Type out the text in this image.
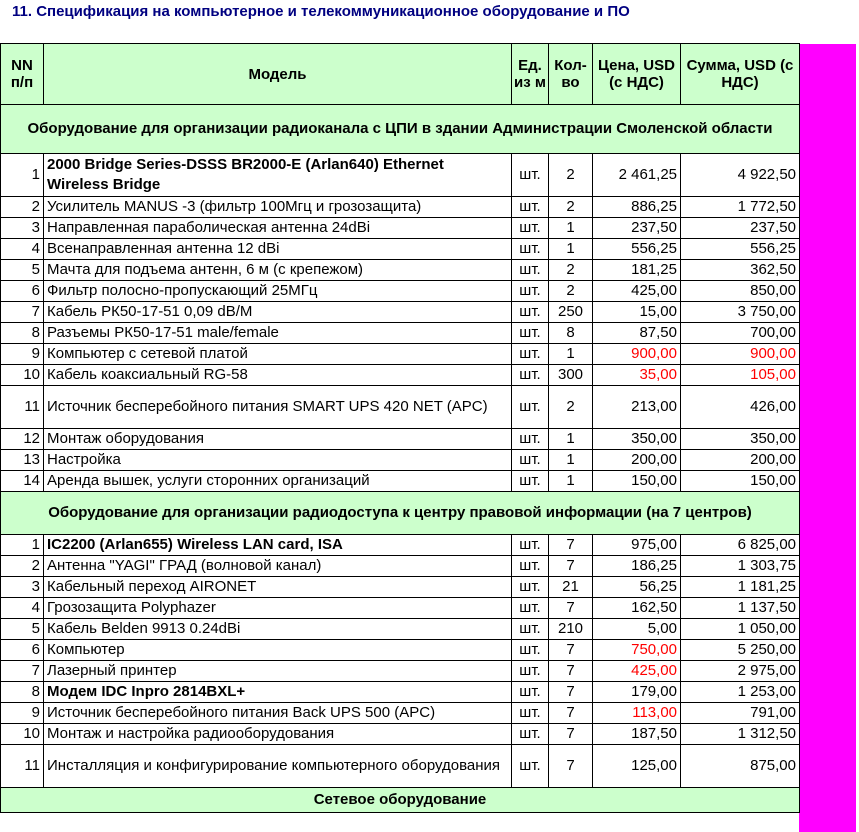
11. Спецификация на компьютерное и телекоммуникационное оборудование и ПО
NN п/п	Модель	Ед. из м	Кол-во	Цена, USD (с НДС)	Сумма, USD (с НДС)
Оборудование для организации радиоканала с ЦПИ в здании Администрации Смоленской области					
1	2000 Bridge Series-DSSS BR2000-E (Arlan640) Ethernet Wireless Bridge	шт.	2	2 461,25	4 922,50
2	Усилитель MANUS -3 (фильтр 100Мгц и грозозащита)	шт.	2	886,25	1 772,50
3	Направленная параболическая антенна 24dBi	шт.	1	237,50	237,50
4	Всенаправленная антенна 12 dBi	шт.	1	556,25	556,25
5	Мачта для подъема антенн, 6 м (с крепежом)	шт.	2	181,25	362,50
6	Фильтр полосно-пропускающий 25МГц	шт.	2	425,00	850,00
7	Кабель РК50-17-51 0,09 dB/M	шт.	250	15,00	3 750,00
8	Разъемы РК50-17-51 male/female	шт.	8	87,50	700,00
9	Компьютер с сетевой платой	шт.	1	900,00	900,00
10	Кабель коаксиальный RG-58	шт.	300	35,00	105,00
11	Источник бесперебойного питания SMART UPS 420 NET (APC)	шт.	2	213,00	426,00
12	Монтаж оборудования	шт.	1	350,00	350,00
13	Настройка	шт.	1	200,00	200,00
14	Аренда вышек, услуги сторонних организаций	шт.	1	150,00	150,00
Оборудование для организации радиодоступа к центру правовой информации (на 7 центров)					
1	IC2200 (Arlan655) Wireless LAN card, ISA	шт.	7	975,00	6 825,00
2	Антенна "YAGI" ГРАД (волновой канал)	шт.	7	186,25	1 303,75
3	Кабельный переход AIRONET	шт.	21	56,25	1 181,25
4	Грозозащита Polyphazer	шт.	7	162,50	1 137,50
5	Кабель Belden 9913 0.24dBi	шт.	210	5,00	1 050,00
6	Компьютер	шт.	7	750,00	5 250,00
7	Лазерный принтер	шт.	7	425,00	2 975,00
8	Модем IDC Inpro 2814BXL+	шт.	7	179,00	1 253,00
9	Источник бесперебойного питания Back UPS 500 (APC)	шт.	7	113,00	791,00
10	Монтаж и настройка радиооборудования	шт.	7	187,50	1 312,50
11	Инсталляция и конфигурирование компьютерного оборудования	шт.	7	125,00	875,00
Сетевое оборудование					
